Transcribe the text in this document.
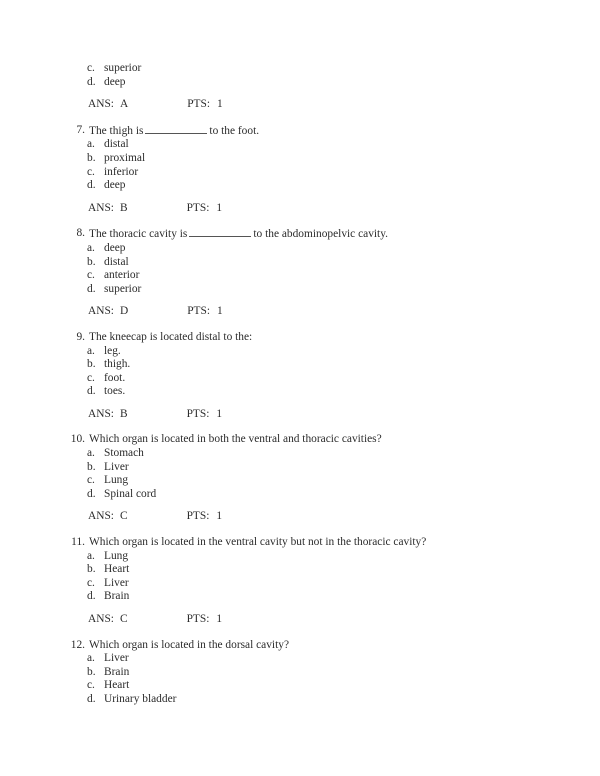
c. superior
d. deep
ANS: A	PTS: 1
7. The thigh is	to the foot.
a. distal
b. proximal
c. inferior
d. deep
ANS: B	PTS: 1
8. The thoracic cavity is	to the abdominopelvic cavity.
a. deep
b. distal
c. anterior
d. superior
ANS: D	PTS: 1
9. The kneecap is located distal to the:
a. leg.
b. thigh.
c. foot.
d. toes.
ANS: B	PTS: 1
10. Which organ is located in both the ventral and thoracic cavities?
a. Stomach
b. Liver
c. Lung
d. Spinal cord
ANS: C	PTS: 1
11. Which organ is located in the ventral cavity but not in the thoracic cavity?
a. Lung
b. Heart
c. Liver
d. Brain
ANS: C	PTS: 1
12. Which organ is located in the dorsal cavity?
a. Liver
b. Brain
c. Heart
d. Urinary bladder
